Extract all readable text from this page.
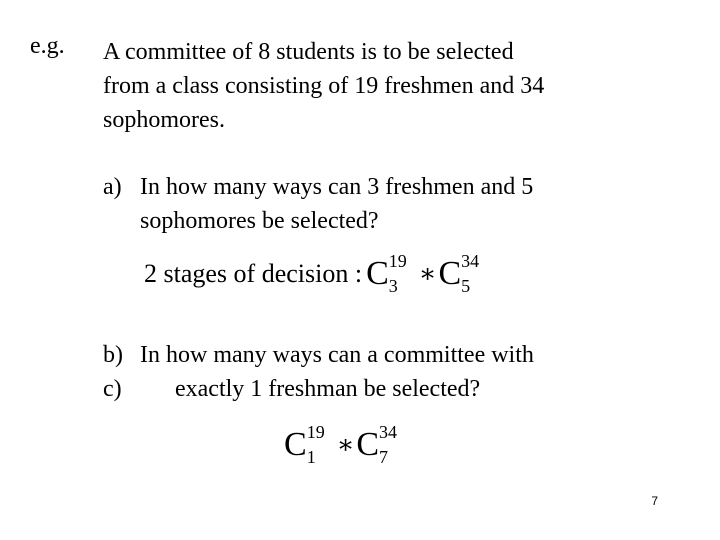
e.g. A committee of 8 students is to be selected
from a class consisting of 19 freshmen and 34
sophomores.
a) In how many ways can 3 freshmen and 5
sophomores be selected?
2 stages of decision : C 19
3 ∗ C 34
5
b) In how many ways can a committee with
c) exactly 1 freshman be selected?
C 19
1 ∗ C 34
7
7
